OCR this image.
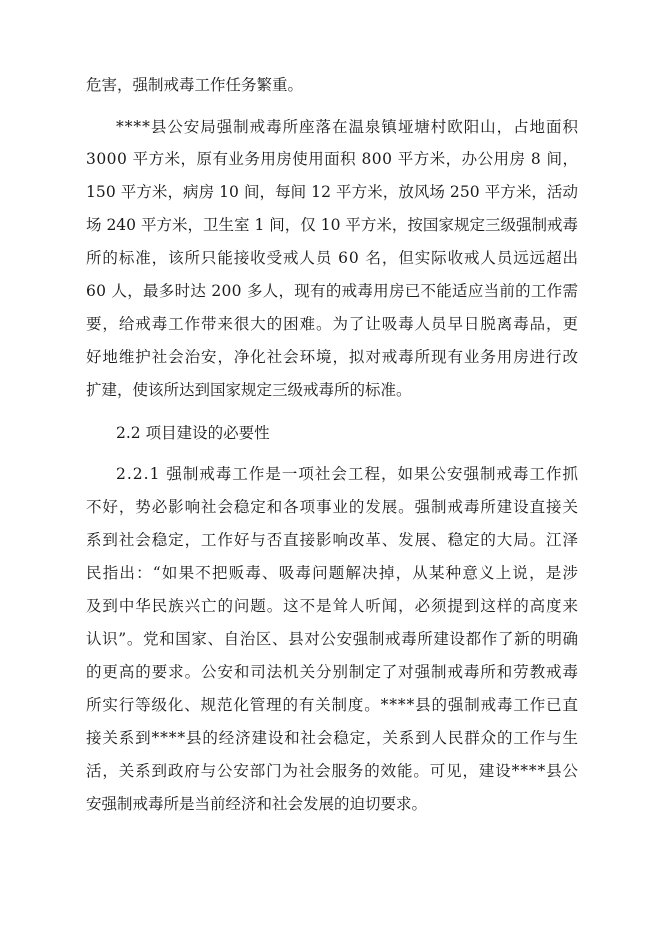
危害，强制戒毒工作任务繁重。
****县公安局强制戒毒所座落在温泉镇垭塘村欧阳山，占地面积
3000 平方米，原有业务用房使用面积 800 平方米，办公用房 8 间，
150 平方米，病房 10 间，每间 12 平方米，放风场 250 平方米，活动
场 240 平方米，卫生室 1 间，仅 10 平方米，按国家规定三级强制戒毒
所的标准，该所只能接收受戒人员 60 名，但实际收戒人员远远超出
60 人，最多时达 200 多人，现有的戒毒用房已不能适应当前的工作需
要，给戒毒工作带来很大的困难。为了让吸毒人员早日脱离毒品，更
好地维护社会治安，净化社会环境，拟对戒毒所现有业务用房进行改
扩建，使该所达到国家规定三级戒毒所的标准。
2.2 项目建设的必要性
2.2.1 强制戒毒工作是一项社会工程，如果公安强制戒毒工作抓
不好，势必影响社会稳定和各项事业的发展。强制戒毒所建设直接关
系到社会稳定，工作好与否直接影响改革、发展、稳定的大局。江泽
民指出：“如果不把贩毒、吸毒问题解决掉，从某种意义上说，是涉
及到中华民族兴亡的问题。这不是耸人听闻，必须提到这样的高度来
认识”。党和国家、自治区、县对公安强制戒毒所建设都作了新的明确
的更高的要求。公安和司法机关分别制定了对强制戒毒所和劳教戒毒
所实行等级化、规范化管理的有关制度。****县的强制戒毒工作已直
接关系到****县的经济建设和社会稳定，关系到人民群众的工作与生
活，关系到政府与公安部门为社会服务的效能。可见，建设****县公
安强制戒毒所是当前经济和社会发展的迫切要求。
